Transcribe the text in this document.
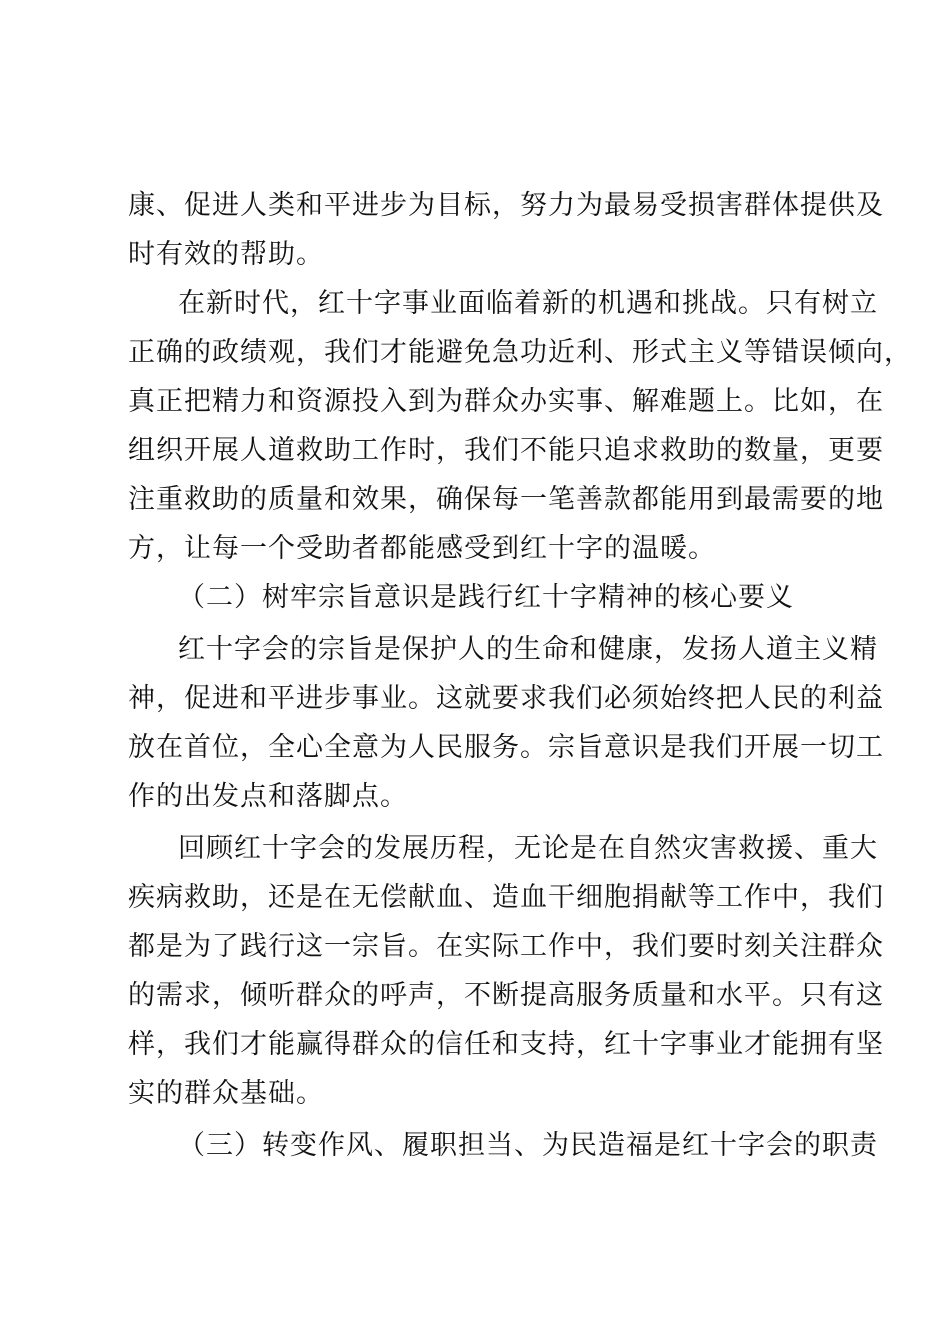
康、促进人类和平进步为目标，努力为最易受损害群体提供及
时有效的帮助。
在新时代，红十字事业面临着新的机遇和挑战。只有树立
正确的政绩观，我们才能避免急功近利、形式主义等错误倾向，
真正把精力和资源投入到为群众办实事、解难题上。比如，在
组织开展人道救助工作时，我们不能只追求救助的数量，更要
注重救助的质量和效果，确保每一笔善款都能用到最需要的地
方，让每一个受助者都能感受到红十字的温暖。
（二）树牢宗旨意识是践行红十字精神的核心要义
红十字会的宗旨是保护人的生命和健康，发扬人道主义精
神，促进和平进步事业。这就要求我们必须始终把人民的利益
放在首位，全心全意为人民服务。宗旨意识是我们开展一切工
作的出发点和落脚点。
回顾红十字会的发展历程，无论是在自然灾害救援、重大
疾病救助，还是在无偿献血、造血干细胞捐献等工作中，我们
都是为了践行这一宗旨。在实际工作中，我们要时刻关注群众
的需求，倾听群众的呼声，不断提高服务质量和水平。只有这
样，我们才能赢得群众的信任和支持，红十字事业才能拥有坚
实的群众基础。
（三）转变作风、履职担当、为民造福是红十字会的职责
